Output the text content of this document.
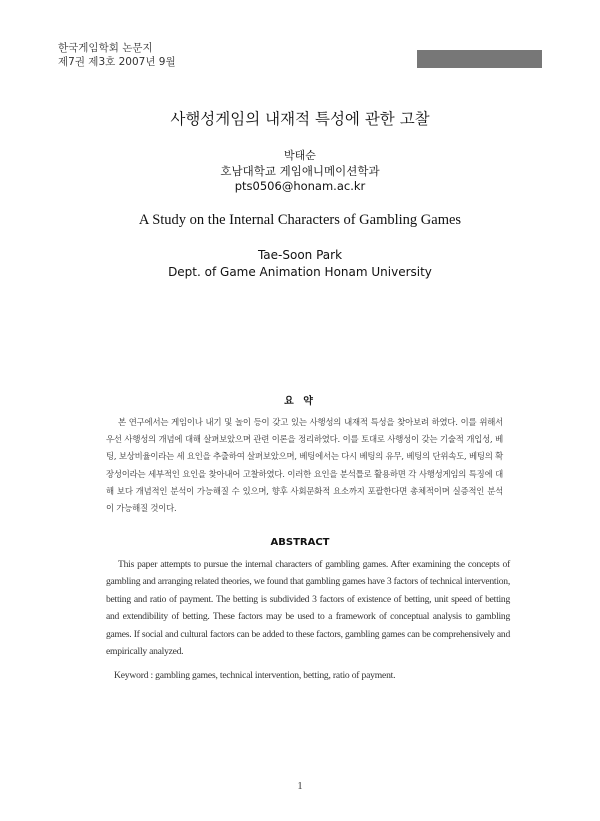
한국게임학회 논문지
제7권 제3호 2007년 9월
사행성게임의 내재적 특성에 관한 고찰
박태순
호남대학교 게임애니메이션학과
pts0506@honam.ac.kr
A Study on the Internal Characters of Gambling Games
Tae-Soon Park
Dept. of Game Animation Honam University
요 약
본 연구에서는 게임이나 내기 및 놀이 등이 갖고 있는 사행성의 내재적 특성을 찾아보려 하였다. 이를 위해서 우선 사행성의 개념에 대해 살펴보았으며 관련 이론을 정리하였다. 이를 토대로 사행성이 갖는 기술적 개입성, 베팅, 보상비율이라는 세 요인을 추출하여 살펴보았으며, 베팅에서는 다시 베팅의 유무, 베팅의 단위속도, 베팅의 확장성이라는 세부적인 요인을 찾아내어 고찰하였다. 이러한 요인을 분석틀로 활용하면 각 사행성게임의 특징에 대해 보다 개념적인 분석이 가능해질 수 있으며, 향후 사회문화적 요소까지 포괄한다면 총체적이며 실증적인 분석이 가능해질 것이다.
ABSTRACT
This paper attempts to pursue the internal characters of gambling games. After examining the concepts of gambling and arranging related theories, we found that gambling games have 3 factors of technical intervention, betting and ratio of payment. The betting is subdivided 3 factors of existence of betting, unit speed of betting and extendibility of betting. These factors may be used to a framework of conceptual analysis to gambling games. If social and cultural factors can be added to these factors, gambling games can be comprehensively and empirically analyzed.
Keyword : gambling games, technical intervention, betting, ratio of payment.
1
